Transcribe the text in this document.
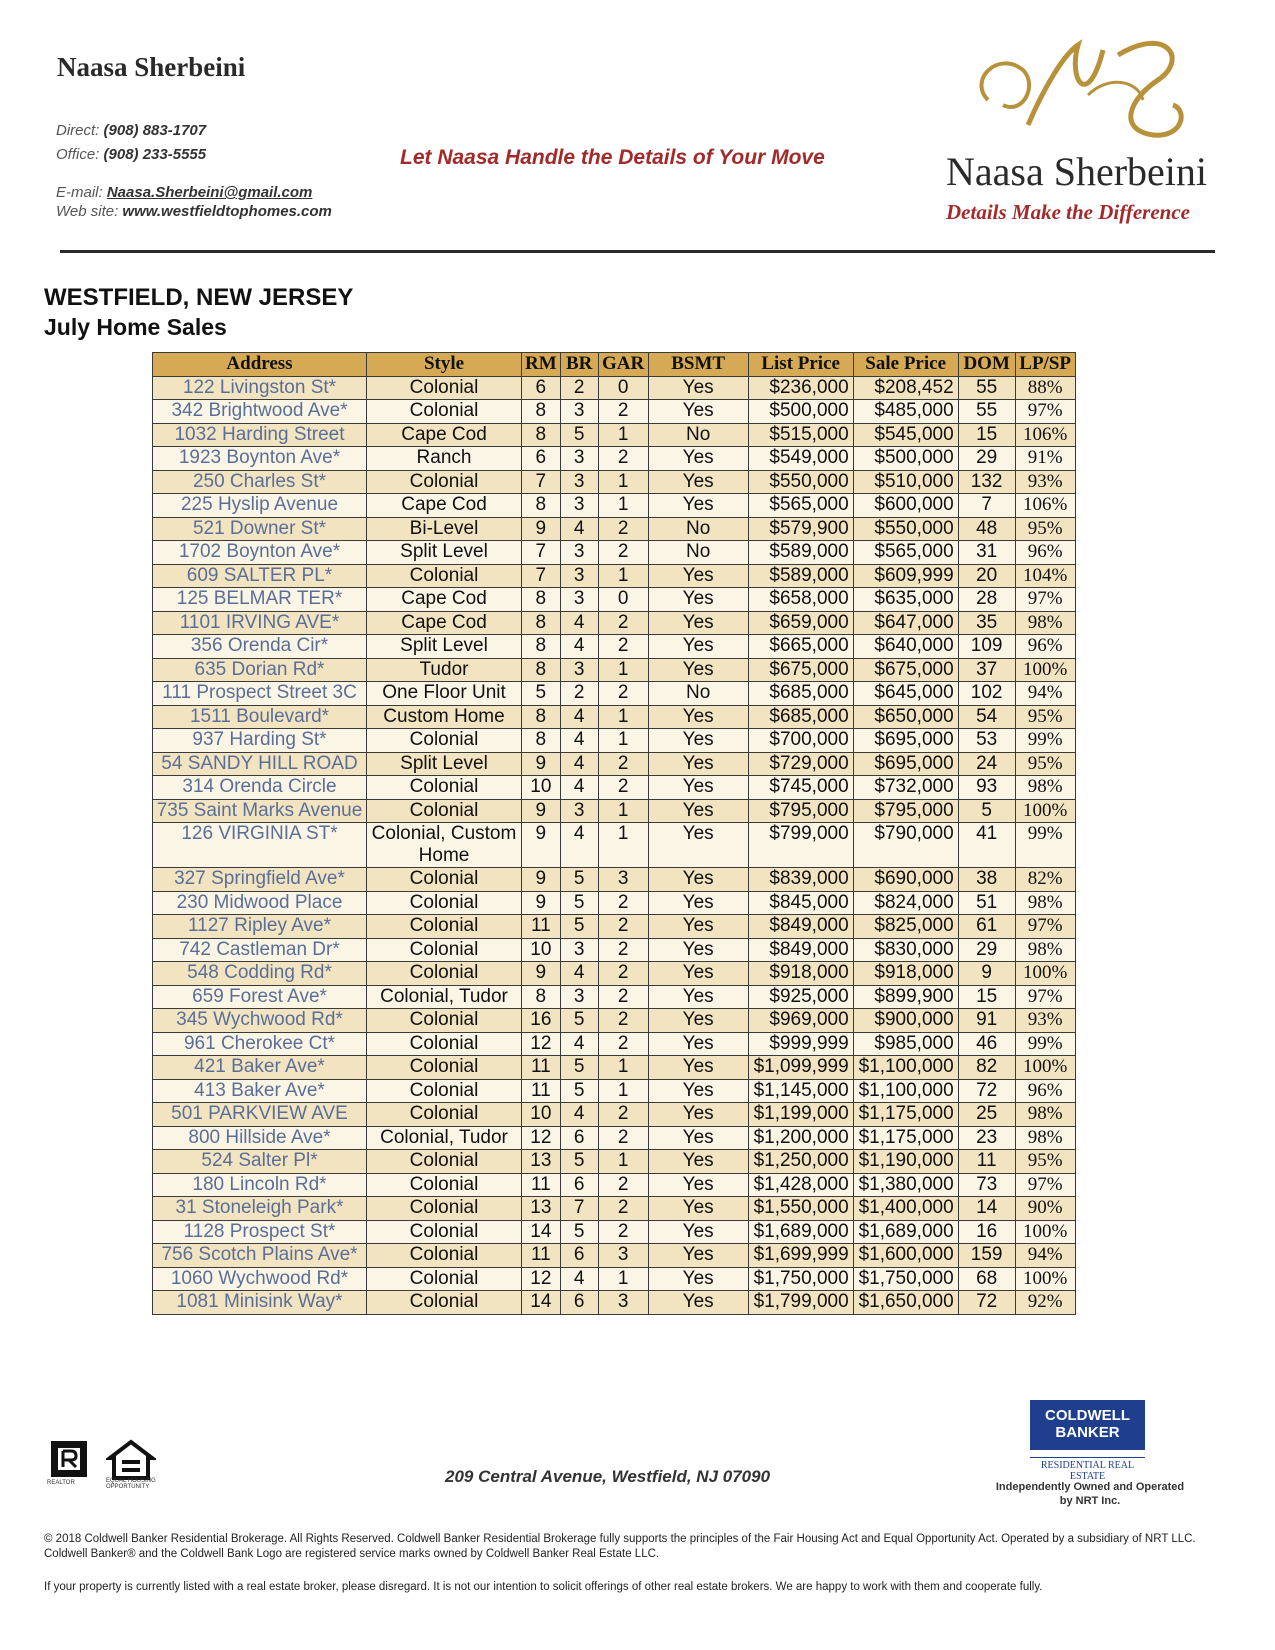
Naasa Sherbeini
Direct: (908) 883-1707
Office: (908) 233-5555
E-mail: Naasa.Sherbeini@gmail.com
Web site: www.westfieldtophomes.com
Let Naasa Handle the Details of Your Move	Naasa Sherbeini
Details Make the Difference
WESTFIELD, NEW JERSEY
July Home Sales
Address	Style	RM	BR	GAR	BSMT	List Price	Sale Price	DOM	LP/SP
122 Livingston St*	Colonial	6	2	0	Yes	$236,000	$208,452	55	88%
342 Brightwood Ave*	Colonial	8	3	2	Yes	$500,000	$485,000	55	97%
1032 Harding Street	Cape Cod	8	5	1	No	$515,000	$545,000	15	106%
1923 Boynton Ave*	Ranch	6	3	2	Yes	$549,000	$500,000	29	91%
250 Charles St*	Colonial	7	3	1	Yes	$550,000	$510,000	132	93%
225 Hyslip Avenue	Cape Cod	8	3	1	Yes	$565,000	$600,000	7	106%
521 Downer St*	Bi-Level	9	4	2	No	$579,900	$550,000	48	95%
1702 Boynton Ave*	Split Level	7	3	2	No	$589,000	$565,000	31	96%
609 SALTER PL*	Colonial	7	3	1	Yes	$589,000	$609,999	20	104%
125 BELMAR TER*	Cape Cod	8	3	0	Yes	$658,000	$635,000	28	97%
1101 IRVING AVE*	Cape Cod	8	4	2	Yes	$659,000	$647,000	35	98%
356 Orenda Cir*	Split Level	8	4	2	Yes	$665,000	$640,000	109	96%
635 Dorian Rd*	Tudor	8	3	1	Yes	$675,000	$675,000	37	100%
111 Prospect Street 3C	One Floor Unit	5	2	2	No	$685,000	$645,000	102	94%
1511 Boulevard*	Custom Home	8	4	1	Yes	$685,000	$650,000	54	95%
937 Harding St*	Colonial	8	4	1	Yes	$700,000	$695,000	53	99%
54 SANDY HILL ROAD	Split Level	9	4	2	Yes	$729,000	$695,000	24	95%
314 Orenda Circle	Colonial	10	4	2	Yes	$745,000	$732,000	93	98%
735 Saint Marks Avenue	Colonial	9	3	1	Yes	$795,000	$795,000	5	100%
126 VIRGINIA ST*	Colonial, Custom Home	9	4	1	Yes	$799,000	$790,000	41	99%
327 Springfield Ave*	Colonial	9	5	3	Yes	$839,000	$690,000	38	82%
230 Midwood Place	Colonial	9	5	2	Yes	$845,000	$824,000	51	98%
1127 Ripley Ave*	Colonial	11	5	2	Yes	$849,000	$825,000	61	97%
742 Castleman Dr*	Colonial	10	3	2	Yes	$849,000	$830,000	29	98%
548 Codding Rd*	Colonial	9	4	2	Yes	$918,000	$918,000	9	100%
659 Forest Ave*	Colonial, Tudor	8	3	2	Yes	$925,000	$899,900	15	97%
345 Wychwood Rd*	Colonial	16	5	2	Yes	$969,000	$900,000	91	93%
961 Cherokee Ct*	Colonial	12	4	2	Yes	$999,999	$985,000	46	99%
421 Baker Ave*	Colonial	11	5	1	Yes	$1,099,999	$1,100,000	82	100%
413 Baker Ave*	Colonial	11	5	1	Yes	$1,145,000	$1,100,000	72	96%
501 PARKVIEW AVE	Colonial	10	4	2	Yes	$1,199,000	$1,175,000	25	98%
800 Hillside Ave*	Colonial, Tudor	12	6	2	Yes	$1,200,000	$1,175,000	23	98%
524 Salter Pl*	Colonial	13	5	1	Yes	$1,250,000	$1,190,000	11	95%
180 Lincoln Rd*	Colonial	11	6	2	Yes	$1,428,000	$1,380,000	73	97%
31 Stoneleigh Park*	Colonial	13	7	2	Yes	$1,550,000	$1,400,000	14	90%
1128 Prospect St*	Colonial	14	5	2	Yes	$1,689,000	$1,689,000	16	100%
756 Scotch Plains Ave*	Colonial	11	6	3	Yes	$1,699,999	$1,600,000	159	94%
1060 Wychwood Rd*	Colonial	12	4	1	Yes	$1,750,000	$1,750,000	68	100%
1081 Minisink Way*	Colonial	14	6	3	Yes	$1,799,000	$1,650,000	72	92%
REALTOR	EQUAL HOUSING OPPORTUNITY
209 Central Avenue, Westfield, NJ 07090
COLDWELL
BANKER
RESIDENTIAL REAL ESTATE
Independently Owned and Operated
by NRT Inc.
© 2018 Coldwell Banker Residential Brokerage. All Rights Reserved. Coldwell Banker Residential Brokerage fully supports the principles of the Fair Housing Act and Equal Opportunity Act. Operated by a subsidiary of NRT LLC. Coldwell Banker® and the Coldwell Bank Logo are registered service marks owned by Coldwell Banker Real Estate LLC.
If your property is currently listed with a real estate broker, please disregard. It is not our intention to solicit offerings of other real estate brokers. We are happy to work with them and cooperate fully.
